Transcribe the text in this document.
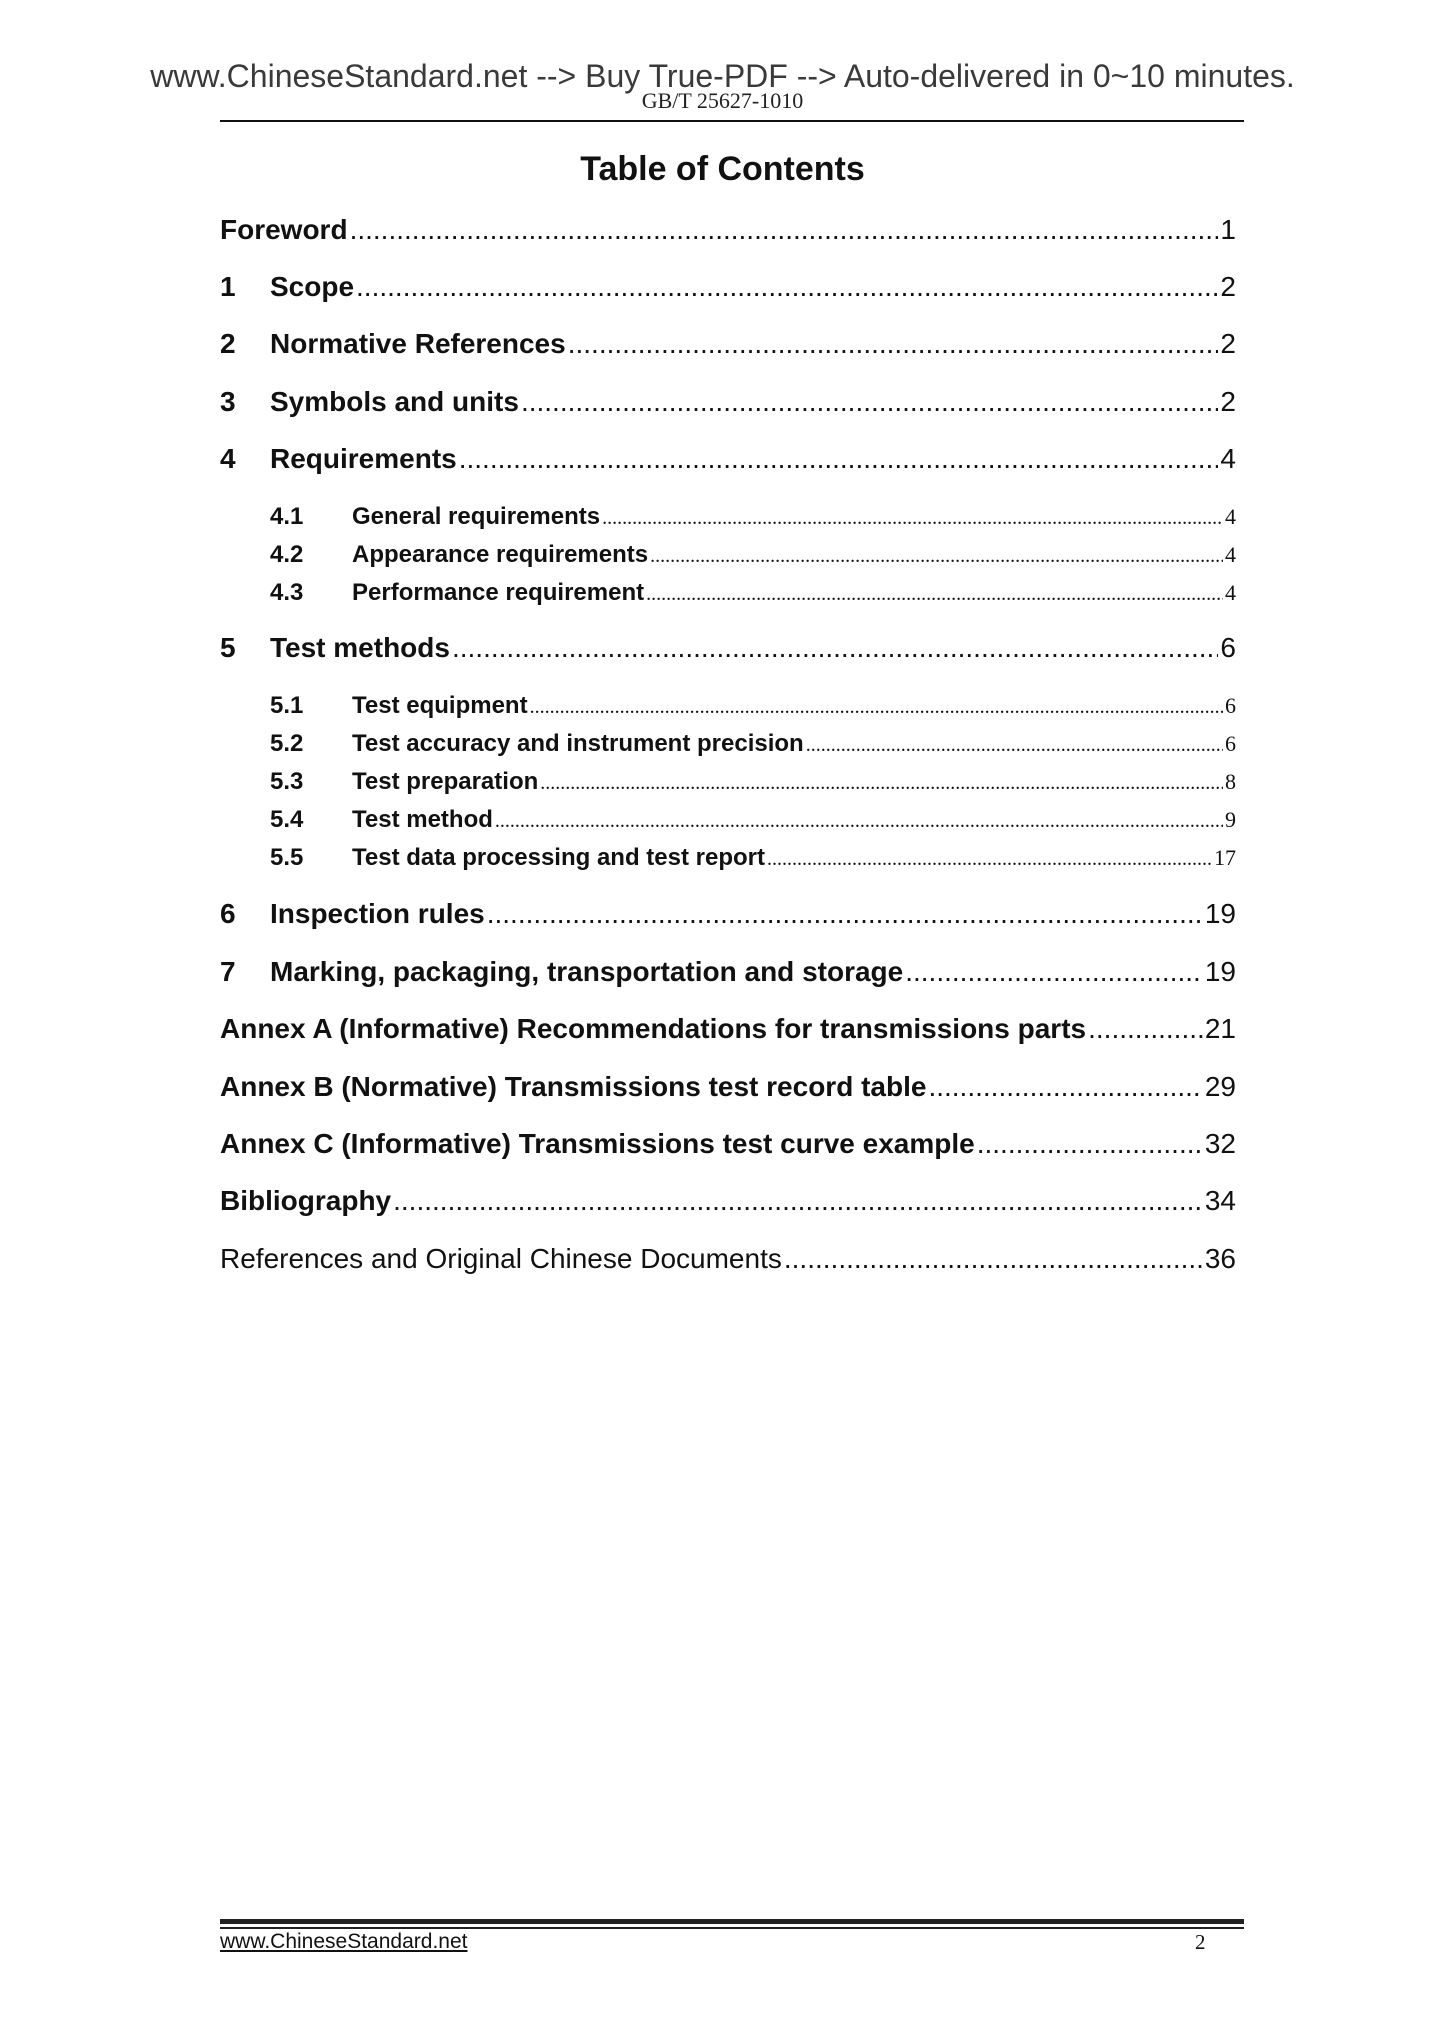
www.ChineseStandard.net --> Buy True-PDF --> Auto-delivered in 0~10 minutes.
GB/T 25627-1010
Table of Contents
Foreword .....	1
1	Scope .....	2
2	Normative References .....	2
3	Symbols and units .....	2
4	Requirements .....	4
4.1	General requirements .....	4
4.2	Appearance requirements .....	4
4.3	Performance requirement .....	4
5	Test methods .....	6
5.1	Test equipment .....	6
5.2	Test accuracy and instrument precision .....	6
5.3	Test preparation .....	8
5.4	Test method .....	9
5.5	Test data processing and test report .....	17
6	Inspection rules .....	19
7	Marking, packaging, transportation and storage .....	19
Annex A (Informative) Recommendations for transmissions parts .....	21
Annex B (Normative) Transmissions test record table .....	29
Annex C (Informative) Transmissions test curve example .....	32
Bibliography .....	34
References and Original Chinese Documents .....	36
www.ChineseStandard.net	2
